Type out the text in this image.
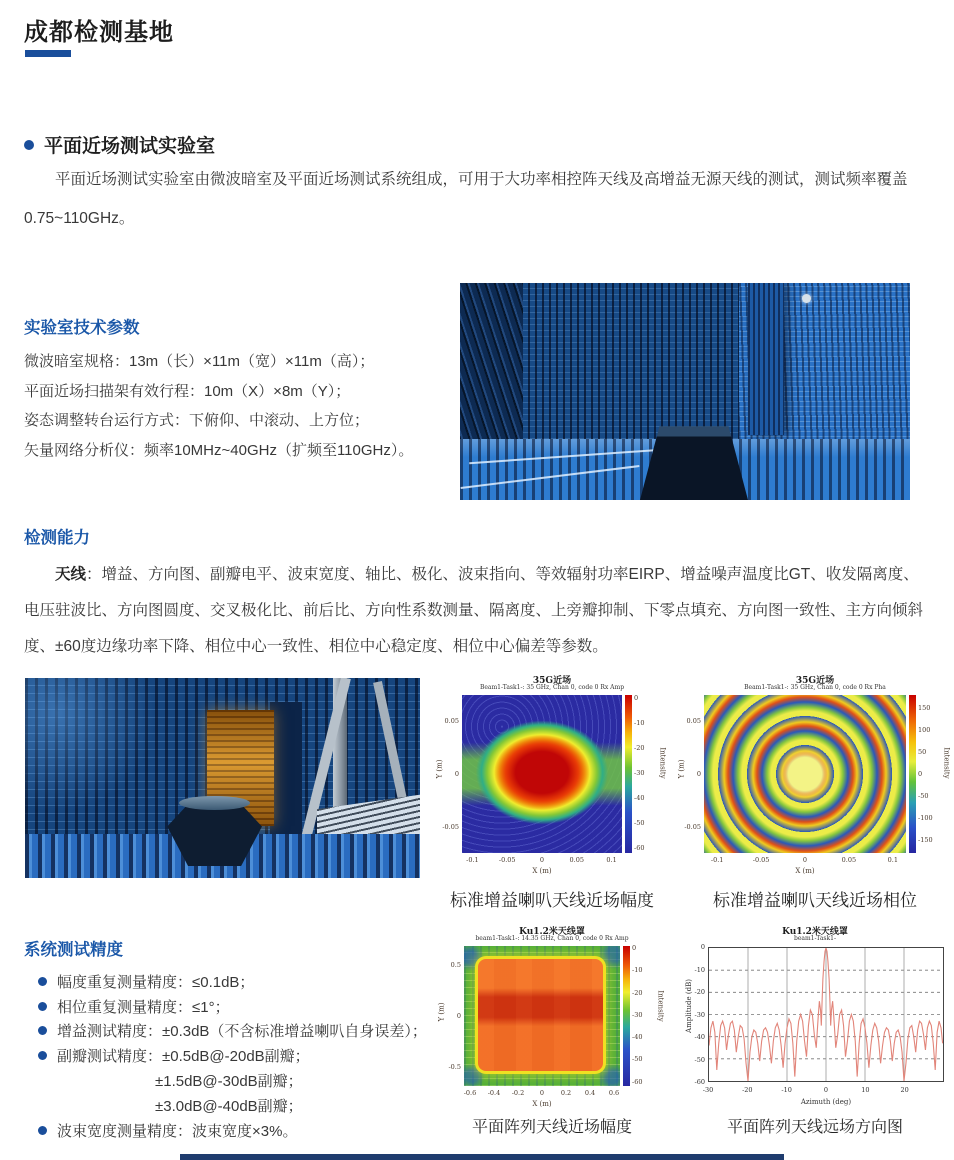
成都检测基地
平面近场测试实验室

平面近场测试实验室由微波暗室及平面近场测试系统组成，可用于大功率相控阵天线及高增益无源天线的测试，测试频率覆盖0.75~110GHz。

实验室技术参数
微波暗室规格：13m（长）×11m（宽）×11m（高）；
平面近场扫描架有效行程：10m（X）×8m（Y）；
姿态调整转台运行方式：下俯仰、中滚动、上方位；
矢量网络分析仪：频率10MHz~40GHz（扩频至110GHz）。
检测能力

天线：增益、方向图、副瓣电平、波束宽度、轴比、极化、波束指向、等效辐射功率EIRP、增益噪声温度比GT、收发隔离度、电压驻波比、方向图圆度、交叉极化比、前后比、方向性系数测量、隔离度、上旁瓣抑制、下零点填充、方向图一致性、主方向倾斜度、±60度边缘功率下降、相位中心一致性、相位中心稳定度、相位中心偏差等参数。

35G近场
Beam1-Task1-: 35 GHz, Chan 0, code 0 Rx Amp
Y (m)
0.05
0
-0.05
-0.1	-0.05	0	0.05	0.1
X (m)
0
-10
-20
-30
-40
-50
-60
Intensity
35G近场
Beam1-Task1-: 35 GHz, Chan 0, code 0 Rx Pha
Y (m)
0.05
0
-0.05
-0.1	-0.05	0	0.05	0.1
X (m)
150
100
50
0
-50
-100
-150
Intensity
标准增益喇叭天线近场幅度	标准增益喇叭天线近场相位
系统测试精度
幅度重复测量精度：≤0.1dB；
相位重复测量精度：≤1°；
增益测试精度：±0.3dB（不含标准增益喇叭自身误差）；
副瓣测试精度：±0.5dB@-20dB副瓣；
±1.5dB@-30dB副瓣；
±3.0dB@-40dB副瓣；
波束宽度测量精度：波束宽度×3%。
Ku1.2米天线罩
beam1-Task1-: 14.35 GHz, Chan 0, code 0 Rx Amp
Y (m)
0.5
0
-0.5
-0.6 -0.4 -0.2 0	0.2 0.4 0.6
X (m)
0
-10
-20
-30
-40
-50
-60
Intensity
Ku1.2米天线罩
beam1-Task1-
Amplitude (dB)
0
-10
-20
-30
-40
-50
-60
-30	-20	-10	0	10	20
Azimuth (deg)
平面阵列天线近场幅度	平面阵列天线远场方向图
